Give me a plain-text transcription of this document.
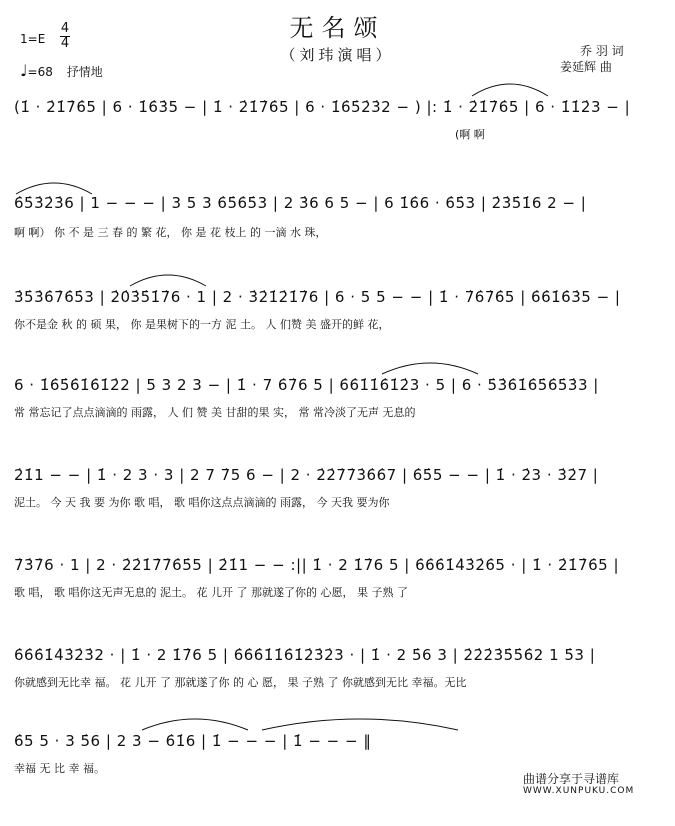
无名颂
（刘玮演唱）
1=E
4
4
♩=68 抒情地
乔 羽 词
姜延辉 曲
(1̇ · 2̇1̇7̇6̇5 | 6 · 1̇6̇3̇5 − | 1̇ · 2̇1̇7̇6̇5 | 6 · 1̇6̇5̇2̇3̇2 − ) |: 1̇ · 2̇1̇7̇6̇5 | 6 · 1̇1̇2̇3 − |
(啊 啊
6̇5̇3̇2̇3̇6 | 1 − − − | 3 5 3 6̇5̇6̇5̇3 | 2 3̇6 6 5 − | 6 1̇6̇6 · 6̇5̇3 | 2̇3̇5̇1̇6 2 − |
啊 啊） 你 不 是 三 春 的 繁 花， 你 是 花 枝上 的 一滴 水 珠，
3̇5̇3̇6̇7̇6̇5̇3 | 2̇0̇3̇5̇1̇7̇6 · 1 | 2 · 3̇2̇1̇2̇1̇7̇6 | 6 · 5 5 − − | 1̇ · 7̇6̇7̇6̇5 | 6̇6̇1̇6̇3̇5 − |
你不是金 秋 的 硕 果， 你 是果树下的一方 泥 土。 人 们赞 美 盛开的鲜 花，
6 · 1̇6̇5̇6̇1̇6̇1̇2̇2 | 5 3 2 3 − | 1̇ · 7 6̇7̇6 5 | 6̇6̇1̇1̇6̇1̇2̇3 · 5 | 6 · 5̇3̇6̇1̇6̇5̇6̇5̇3̇3 |
常 常忘记了点点滴滴的 雨露， 人 们 赞 美 甘甜的果 实， 常 常冷淡了无声 无息的
2̇1̇1 − − | 1̇ · 2 3 · 3 | 2 7 7̇5 6 − | 2 · 2̇2̇7̇7̇3̇6̇6̇7 | 6̇5̇5 − − | 1̇ · 2̇3 · 3̇2̇7 |
泥土。 今 天 我 要 为你 歌 唱， 歌 唱你这点点滴滴的 雨露， 今 天我 要为你
7̇3̇7̇6 · 1 | 2 · 2̇2̇1̇7̇7̇6̇5̇5 | 2̇1̇1 − − :|| 1̇ · 2 1̇7̇6 5 | 6̇6̇6̇1̇4̇3̇2̇6̇5 · | 1̇ · 2̇1̇7̇6̇5 |
歌 唱， 歌 唱你这无声无息的 泥土。 花 儿开 了 那就遂了你的 心愿， 果 子熟 了
6̇6̇6̇1̇4̇3̇2̇3̇2 · | 1̇ · 2 1̇7̇6 5 | 6̇6̇6̇1̇1̇6̇1̇2̇3̇2̇3 · | 1̇ · 2 5̇6 3 | 2̇2̇2̇3̇5̇5̇6̇2 1 5̇3 |
你就感到无比幸 福。 花 儿开 了 那就遂了你 的 心 愿， 果 子熟 了 你就感到无比 幸福。无比
6̇5 5 · 3 5̇6 | 2 3 − 6̇1̇6 | 1̇ − − − | 1̇ − − − ‖
幸福 无 比 幸 福。
曲谱分享于寻谱库
WWW.XUNPUKU.COM
